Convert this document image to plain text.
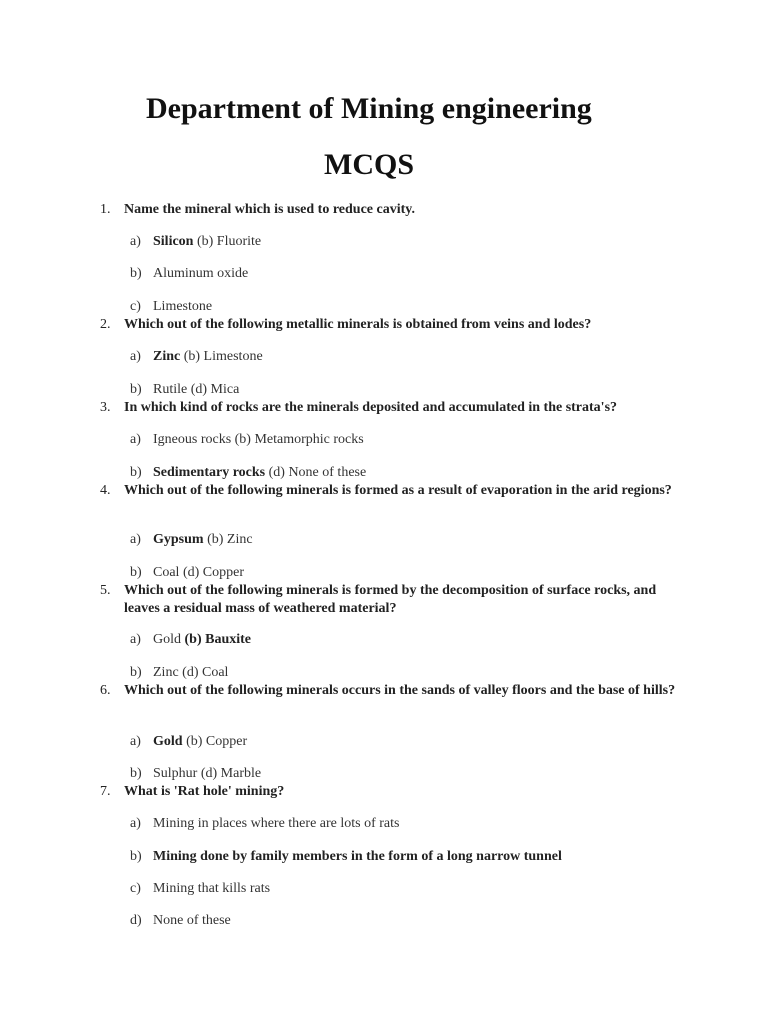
Department of Mining engineering
MCQS
1. Name the mineral which is used to reduce cavity.
a) Silicon (b) Fluorite
b) Aluminum oxide
c) Limestone
2. Which out of the following metallic minerals is obtained from veins and lodes?
a) Zinc (b) Limestone
b) Rutile (d) Mica
3. In which kind of rocks are the minerals deposited and accumulated in the strata's?
a) Igneous rocks (b) Metamorphic rocks
b) Sedimentary rocks (d) None of these
4. Which out of the following minerals is formed as a result of evaporation in the arid regions?
a) Gypsum (b) Zinc
b) Coal (d) Copper
5. Which out of the following minerals is formed by the decomposition of surface rocks, and leaves a residual mass of weathered material?
a) Gold (b) Bauxite
b) Zinc (d) Coal
6. Which out of the following minerals occurs in the sands of valley floors and the base of hills?
a) Gold (b) Copper
b) Sulphur (d) Marble
7. What is 'Rat hole' mining?
a) Mining in places where there are lots of rats
b) Mining done by family members in the form of a long narrow tunnel
c) Mining that kills rats
d) None of these
